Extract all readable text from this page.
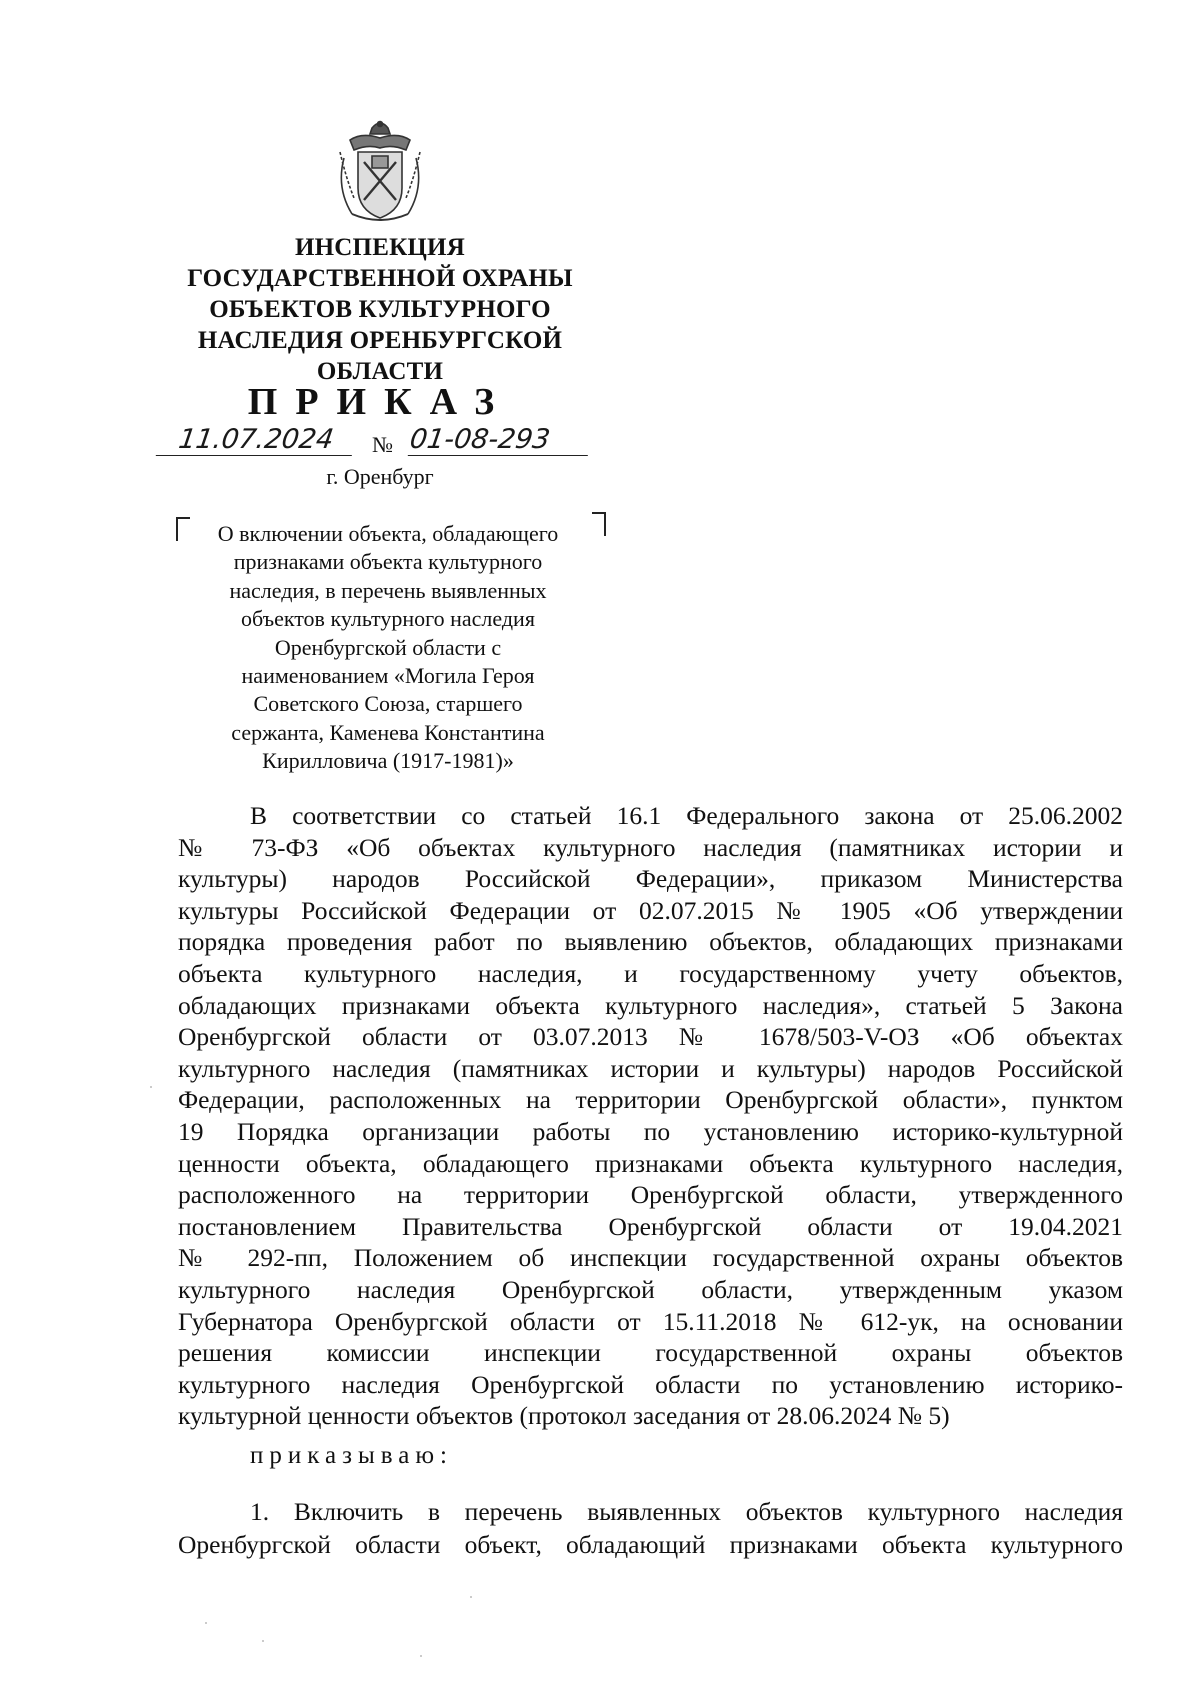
ИНСПЕКЦИЯ
ГОСУДАРСТВЕННОЙ ОХРАНЫ
ОБЪЕКТОВ КУЛЬТУРНОГО
НАСЛЕДИЯ ОРЕНБУРГСКОЙ
ОБЛАСТИ
ПРИКАЗ
11.07.2024	№ 01-08-293
г. Оренбург
О включении объекта, обладающего
признаками объекта культурного
наследия, в перечень выявленных
объектов культурного наследия
Оренбургской области с
наименованием «Могила Героя
Советского Союза, старшего
сержанта, Каменева Константина
Кирилловича (1917-1981)»
В соответствии со статьей 16.1 Федерального закона от 25.06.2002
№ 73-ФЗ «Об объектах культурного наследия (памятниках истории и
культуры) народов Российской Федерации», приказом Министерства
культуры Российской Федерации от 02.07.2015 № 1905 «Об утверждении
порядка проведения работ по выявлению объектов, обладающих признаками
объекта культурного наследия, и государственному учету объектов,
обладающих признаками объекта культурного наследия», статьей 5 Закона
Оренбургской области от 03.07.2013 № 1678/503-V-ОЗ «Об объектах
культурного наследия (памятниках истории и культуры) народов Российской
Федерации, расположенных на территории Оренбургской области», пунктом
19 Порядка организации работы по установлению историко-культурной
ценности объекта, обладающего признаками объекта культурного наследия,
расположенного на территории Оренбургской области, утвержденного
постановлением Правительства Оренбургской области от 19.04.2021
№ 292-пп, Положением об инспекции государственной охраны объектов
культурного наследия Оренбургской области, утвержденным указом
Губернатора Оренбургской области от 15.11.2018 № 612-ук, на основании
решения комиссии инспекции государственной охраны объектов
культурного наследия Оренбургской области по установлению историко-
культурной ценности объектов (протокол заседания от 28.06.2024 № 5)
приказываю:
1. Включить в перечень выявленных объектов культурного наследия
Оренбургской области объект, обладающий признаками объекта культурного
